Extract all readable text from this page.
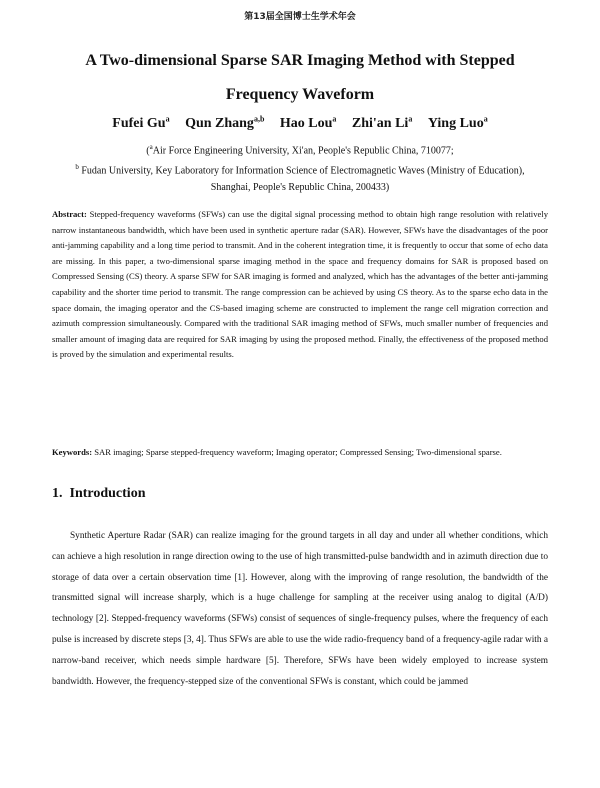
第13届全国博士生学术年会
A Two-dimensional Sparse SAR Imaging Method with Stepped
Frequency Waveform
Fufei Gu$^a$ Qun Zhang$^{a,b}$ Hao Lou$^a$ Zhi'an Li$^a$ Ying Luo$^a$
($^a$Air Force Engineering University, Xi'an, People's Republic China, 710077;
$^b$ Fudan University, Key Laboratory for Information Science of Electromagnetic Waves (Ministry of Education),
Shanghai, People's Republic China, 200433)

Abstract: Stepped-frequency waveforms (SFWs) can use the digital signal processing method to obtain high range resolution with relatively narrow instantaneous bandwidth, which have been used in synthetic aperture radar (SAR). However, SFWs have the disadvantages of the poor anti-jamming capability and a long time period to transmit. And in the coherent integration time, it is frequently to occur that some of echo data are missing. In this paper, a two-dimensional sparse imaging method in the space and frequency domains for SAR is proposed based on Compressed Sensing (CS) theory. A sparse SFW for SAR imaging is formed and analyzed, which has the advantages of the better anti-jamming capability and the shorter time period to transmit. The range compression can be achieved by using CS theory. As to the sparse echo data in the space domain, the imaging operator and the CS-based imaging scheme are constructed to implement the range cell migration correction and azimuth compression simultaneously. Compared with the traditional SAR imaging method of SFWs, much smaller number of frequencies and smaller amount of imaging data are required for SAR imaging by using the proposed method. Finally, the effectiveness of the proposed method is proved by the simulation and experimental results.

Keywords: SAR imaging; Sparse stepped-frequency waveform; Imaging operator; Compressed Sensing; Two-dimensional sparse.

1. Introduction

Synthetic Aperture Radar (SAR) can realize imaging for the ground targets in all day and under all whether conditions, which can achieve a high resolution in range direction owing to the use of high transmitted-pulse bandwidth and in azimuth direction due to storage of data over a certain observation time [1]. However, along with the improving of range resolution, the bandwidth of the transmitted signal will increase sharply, which is a huge challenge for sampling at the receiver using analog to digital (A/D) technology [2]. Stepped-frequency waveforms (SFWs) consist of sequences of single-frequency pulses, where the frequency of each pulse is increased by discrete steps [3, 4]. Thus SFWs are able to use the wide radio-frequency band of a frequency-agile radar with a narrow-band receiver, which needs simple hardware [5]. Therefore, SFWs have been widely employed to increase system bandwidth. However, the frequency-stepped size of the conventional SFWs is constant, which could be jammed
